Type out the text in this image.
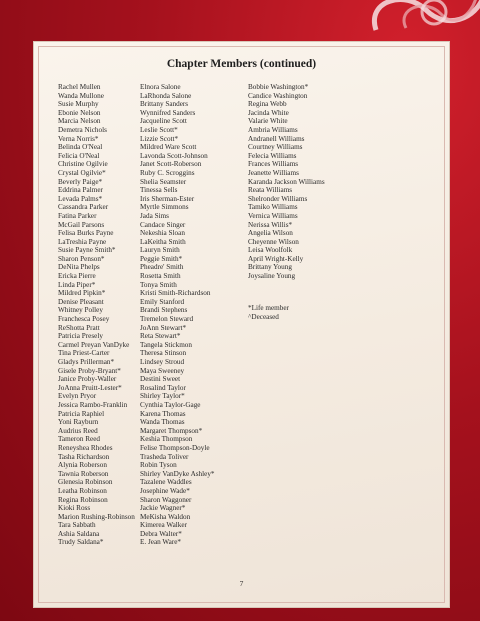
Chapter Members (continued)
Rachel Mullen
Wanda Mullone
Susie Murphy
Ebonie Nelson
Marcia Nelson
Demetra Nichols
Verna Norris*
Belinda O'Neal
Felicia O'Neal
Christine Ogilvie
Crystal Ogilvie*
Beverly Paige*
Eddrina Palmer
Levada Palms*
Cassandra Parker
Fatina Parker
McGail Parsons
Felisa Burks Payne
LaTreshia Payne
Susie Payne Smith*
Sharon Penson*
DeNita Phelps
Ericka Pierre
Linda Piper*
Mildred Pipkin*
Denise Pleasant
Whitney Polley
Franchesca Posey
ReShotta Pratt
Patricia Presely
Carmel Preyan VanDyke
Tina Priest-Carter
Gladys Prillerman*
Gisele Proby-Bryant*
Janice Proby-Waller
JoAnna Pruitt-Lester*
Evelyn Pryor
Jessica Rambo-Franklin
Patricia Raphiel
Yoni Rayburn
Audrius Reed
Tameron Reed
Reneyshea Rhodes
Tasha Richardson
Alynia Roberson
Tawnia Roberson
Glenesia Robinson
Leatha Robinson
Regina Robinson
Kioki Ross
Marion Rushing-Robinson
Tara Sabbath
Ashia Saldana
Trudy Saldana*
Elnora Salone
LaRhonda Salone
Brittany Sanders
Wynnifred Sanders
Jacqueline Scott
Leslie Scott*
Lizzie Scott*
Mildred Ware Scott
Lavonda Scott-Johnson
Janet Scott-Roberson
Ruby C. Scroggins
Shelia Seamster
Tinessa Sells
Iris Sherman-Ester
Myrtle Simmons
Jada Sims
Candace Singer
Nekeshia Sloan
LaKeitha Smith
Lauryn Smith
Peggie Smith*
Pheadre' Smith
Rosetta Smith
Tonya Smith
Kristi Smith-Richardson
Emily Stanford
Brandi Stephens
Tremelon Steward
JoAnn Stewart*
Reta Stewart*
Tangela Stickmon
Theresa Stinson
Lindsey Stroud
Maya Sweeney
Destini Sweet
Rosalind Taylor
Shirley Taylor*
Cynthia Taylor-Gage
Karena Thomas
Wanda Thomas
Margaret Thompson*
Keshia Thompson
Felise Thompson-Doyle
Trasheda Toliver
Robin Tyson
Shirley VanDyke Ashley*
Tazalene Waddles
Josephine Wade*
Sharon Waggoner
Jackie Wagner*
MeKisha Waldon
Kimerea Walker
Debra Walter*
E. Jean Ware*
Bobbie Washington*
Candice Washington
Regina Webb
Jacinda White
Valarie White
Ambria Williams
Andranell Williams
Courtney Williams
Felecia Williams
Frances Williams
Jeanette Williams
Karanda Jackson Williams
Reata Williams
Shelronder Williams
Tamiko Williams
Vernica Williams
Nerissa Willis*
Angelia Wilson
Cheyenne Wilson
Leisa Woolfolk
April Wright-Kelly
Brittany Young
Joysaline Young
*Life member
^Deceased
7
